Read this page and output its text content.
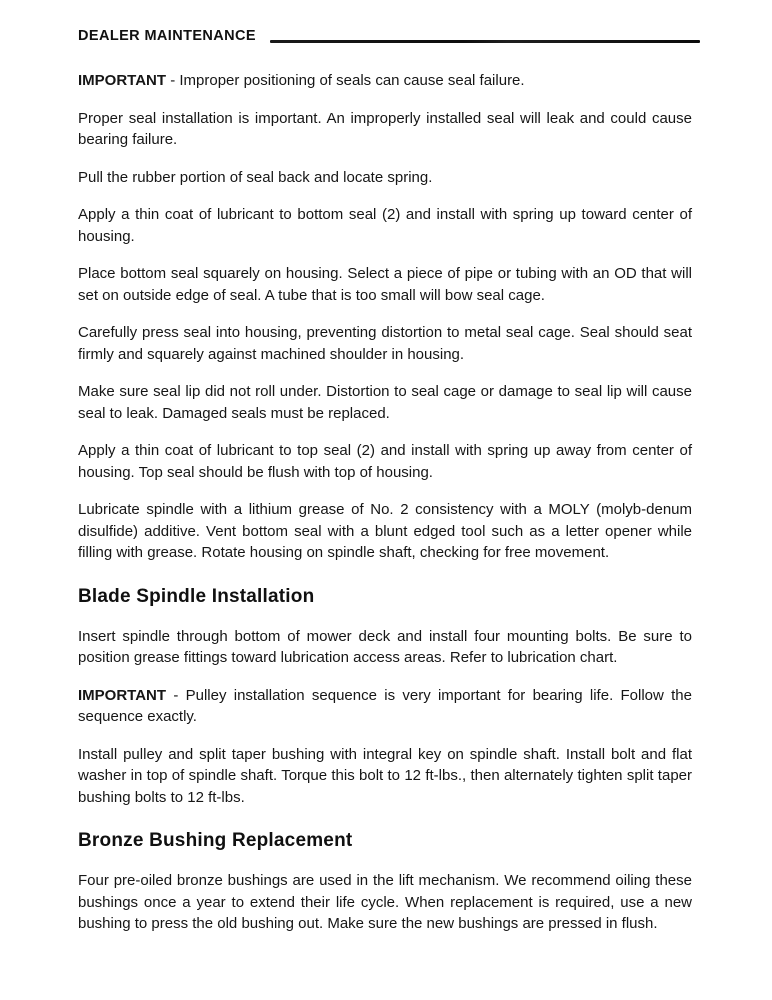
DEALER MAINTENANCE

IMPORTANT - Improper positioning of seals can cause seal failure.

Proper seal installation is important. An improperly installed seal will leak and could cause bearing failure.

Pull the rubber portion of seal back and locate spring.

Apply a thin coat of lubricant to bottom seal (2) and install with spring up toward center of housing.

Place bottom seal squarely on housing. Select a piece of pipe or tubing with an OD that will set on outside edge of seal. A tube that is too small will bow seal cage.

Carefully press seal into housing, preventing distortion to metal seal cage. Seal should seat firmly and squarely against machined shoulder in housing.

Make sure seal lip did not roll under. Distortion to seal cage or damage to seal lip will cause seal to leak. Damaged seals must be replaced.

Apply a thin coat of lubricant to top seal (2) and install with spring up away from center of housing. Top seal should be flush with top of housing.

Lubricate spindle with a lithium grease of No. 2 consistency with a MOLY (molyb-denum disulfide) additive. Vent bottom seal with a blunt edged tool such as a letter opener while filling with grease. Rotate housing on spindle shaft, checking for free movement.

Blade Spindle Installation

Insert spindle through bottom of mower deck and install four mounting bolts. Be sure to position grease fittings toward lubrication access areas. Refer to lubrication chart.

IMPORTANT - Pulley installation sequence is very important for bearing life. Follow the sequence exactly.

Install pulley and split taper bushing with integral key on spindle shaft. Install bolt and flat washer in top of spindle shaft. Torque this bolt to 12 ft-lbs., then alternately tighten split taper bushing bolts to 12 ft-lbs.

Bronze Bushing Replacement

Four pre-oiled bronze bushings are used in the lift mechanism. We recommend oiling these bushings once a year to extend their life cycle. When replacement is required, use a new bushing to press the old bushing out. Make sure the new bushings are pressed in flush.
